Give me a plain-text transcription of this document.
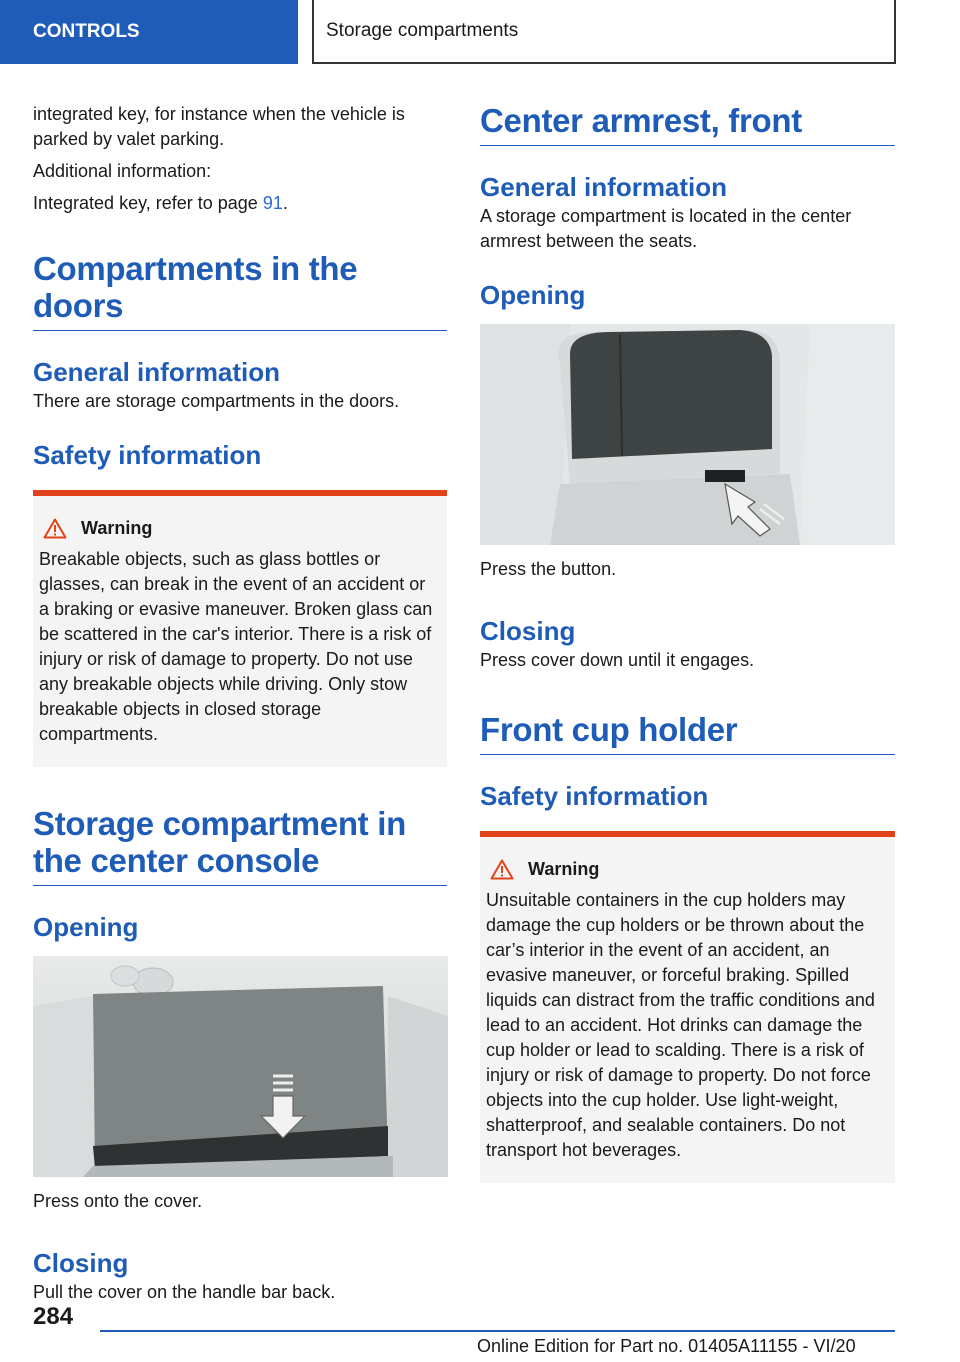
CONTROLS	Storage compartments

integrated key, for instance when the vehicle is parked by valet parking.

Additional information:

Integrated key, refer to page 91.

Compartments in the doors
General information

There are storage compartments in the doors.

Safety information
Warning

Breakable objects, such as glass bottles or glasses, can break in the event of an accident or a braking or evasive maneuver. Broken glass can be scattered in the car's interior. There is a risk of injury or risk of damage to property. Do not use any breakable objects while driving. Only stow breakable objects in closed storage compartments.

Storage compartment in the center console
Opening

Press onto the cover.

Closing

Pull the cover on the handle bar back.

Center armrest, front
General information

A storage compartment is located in the center armrest between the seats.

Opening

Press the button.

Closing

Press cover down until it engages.

Front cup holder
Safety information
Warning

Unsuitable containers in the cup holders may damage the cup holders or be thrown about the car’s interior in the event of an accident, an evasive maneuver, or forceful braking. Spilled liquids can distract from the traffic conditions and lead to an accident. Hot drinks can damage the cup holder or lead to scalding. There is a risk of injury or risk of damage to property. Do not force objects into the cup holder. Use light-weight, shatterproof, and sealable containers. Do not transport hot beverages.

284
Online Edition for Part no. 01405A11155 - VI/20
